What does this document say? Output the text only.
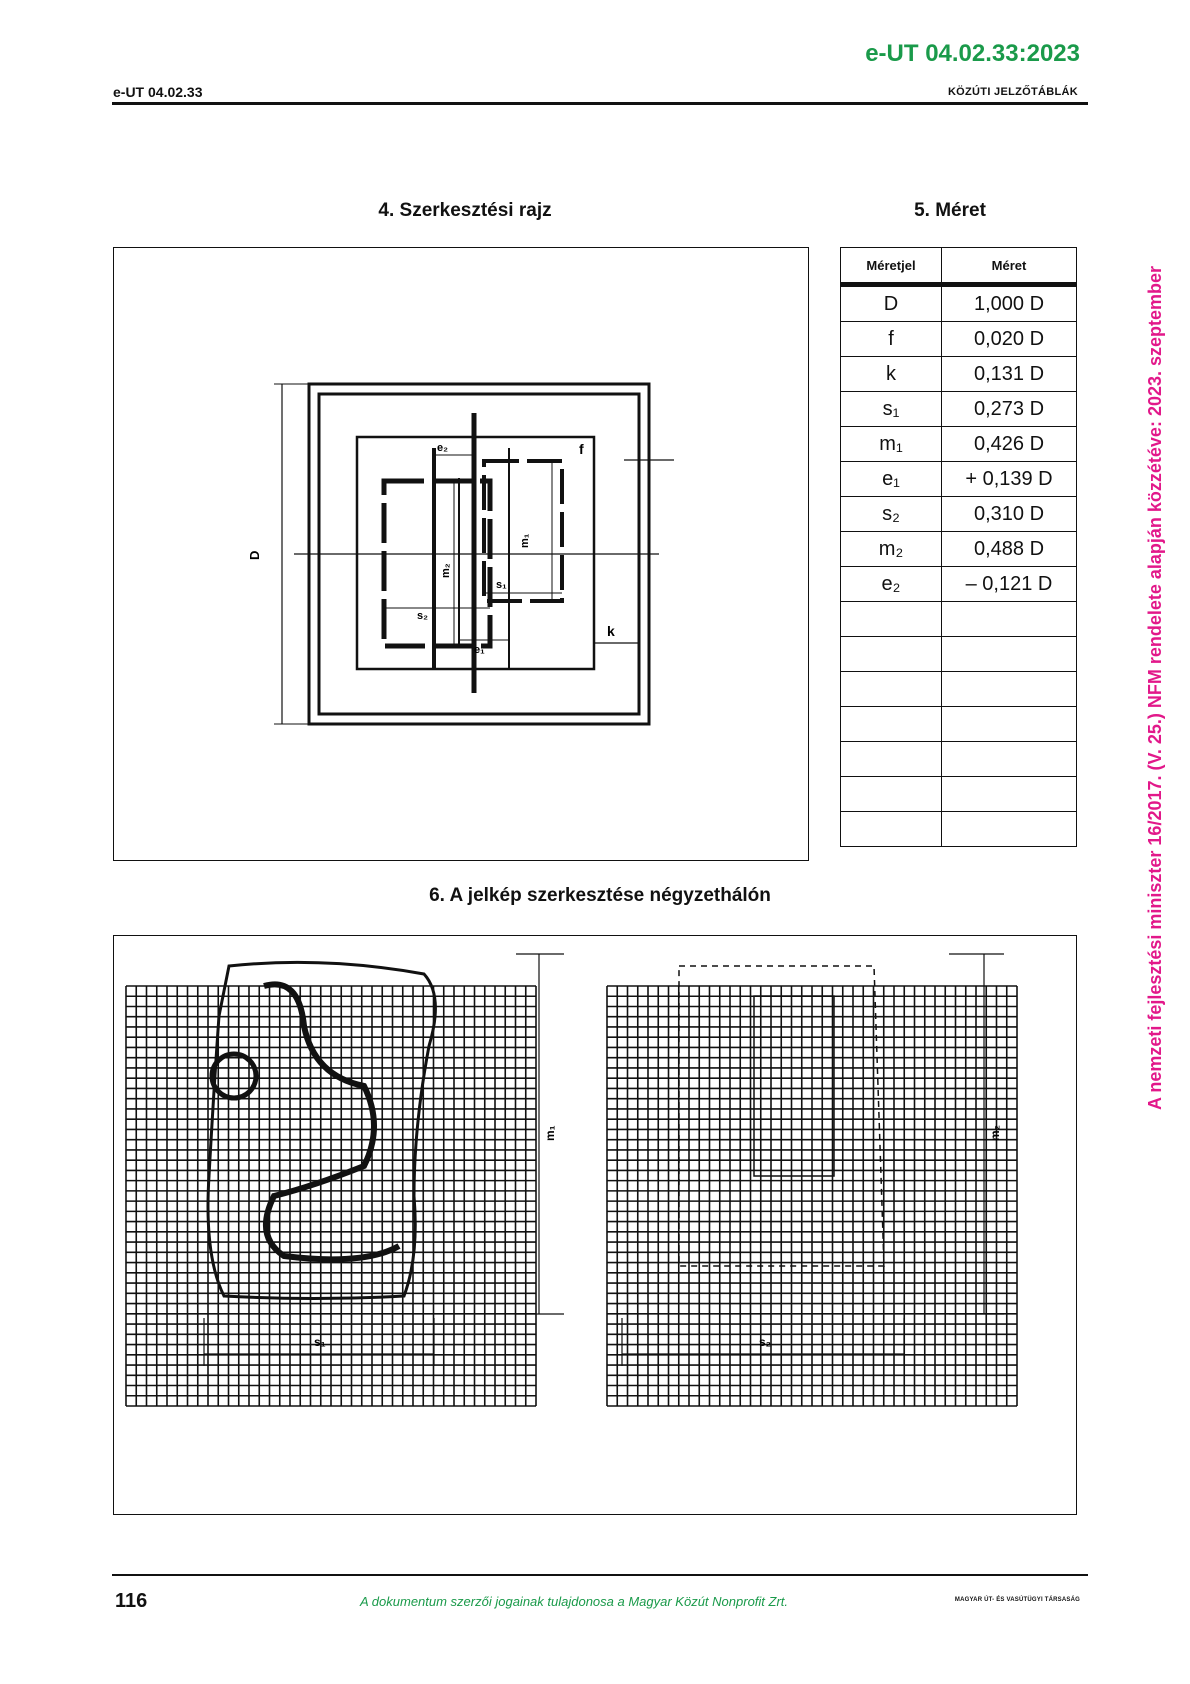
e-UT 04.02.33:2023
e-UT 04.02.33	KÖZÚTI JELZŐTÁBLÁK
4. Szerkesztési rajz	5. Méret
D
f
k
e₂
e₁
s₂
s₁
m₁
m₂
Méretjel	Méret
D	1,000 D
f	0,020 D
k	0,131 D
s₁	0,273 D
m₁	0,426 D
e₁	+ 0,139 D
s₂	0,310 D
m₂	0,488 D
e₂	– 0,121 D

6. A jelkép szerkesztése négyzethálón
m₁
s₁
m₂
s₂
A nemzeti fejlesztési miniszter 16/2017. (V. 25.) NFM rendelete alapján közzétéve: 2023. szeptember
116	A dokumentum szerzői jogainak tulajdonosa a Magyar Közút Nonprofit Zrt.	MAGYAR ÚT- ÉS VASÚTÜGYI TÁRSASÁG
